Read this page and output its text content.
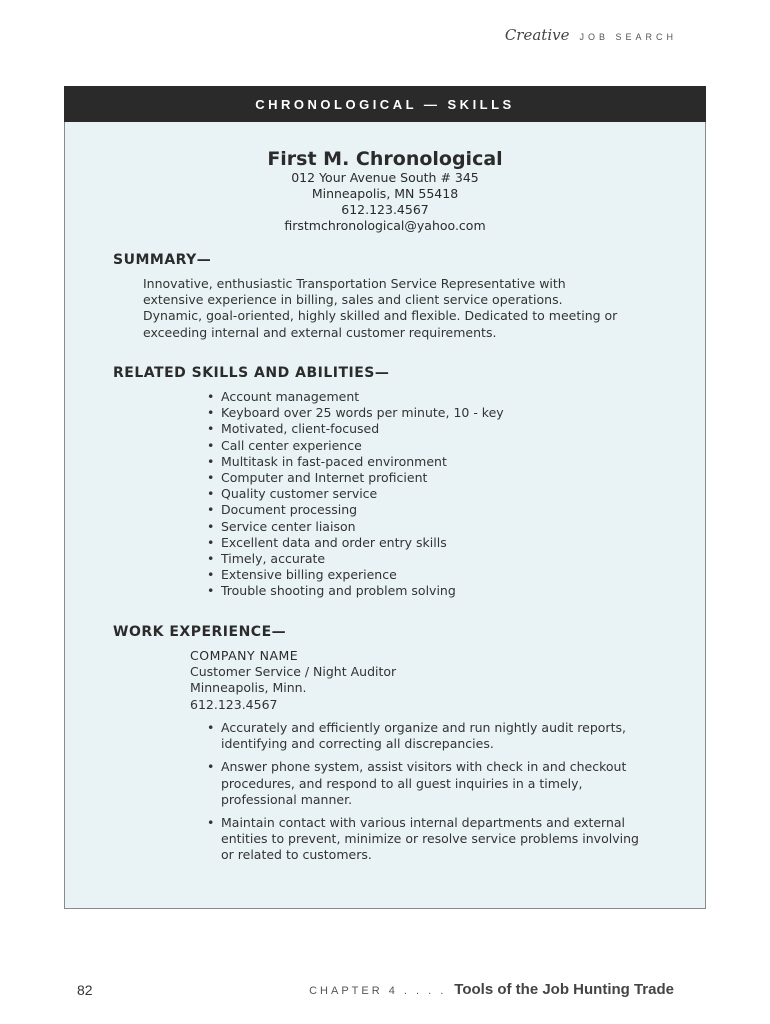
Creative JOB SEARCH
CHRONOLOGICAL — SKILLS
First M. Chronological
012 Your Avenue South # 345
Minneapolis, MN 55418
612.123.4567
firstmchronological@yahoo.com
SUMMARY—
Innovative, enthusiastic Transportation Service Representative with
extensive experience in billing, sales and client service operations.
Dynamic, goal-oriented, highly skilled and flexible. Dedicated to meeting or
exceeding internal and external customer requirements.
RELATED SKILLS AND ABILITIES—
• Account management
• Keyboard over 25 words per minute, 10 - key
• Motivated, client-focused
• Call center experience
• Multitask in fast-paced environment
• Computer and Internet proficient
• Quality customer service
• Document processing
• Service center liaison
• Excellent data and order entry skills
• Timely, accurate
• Extensive billing experience
• Trouble shooting and problem solving
WORK EXPERIENCE—
COMPANY NAME
Customer Service / Night Auditor
Minneapolis, Minn.
612.123.4567
• Accurately and efficiently organize and run nightly audit reports, identifying and correcting all discrepancies.
• Answer phone system, assist visitors with check in and checkout procedures, and respond to all guest inquiries in a timely, professional manner.
• Maintain contact with various internal departments and external entities to prevent, minimize or resolve service problems involving or related to customers.
82	CHAPTER 4 . . . . Tools of the Job Hunting Trade
